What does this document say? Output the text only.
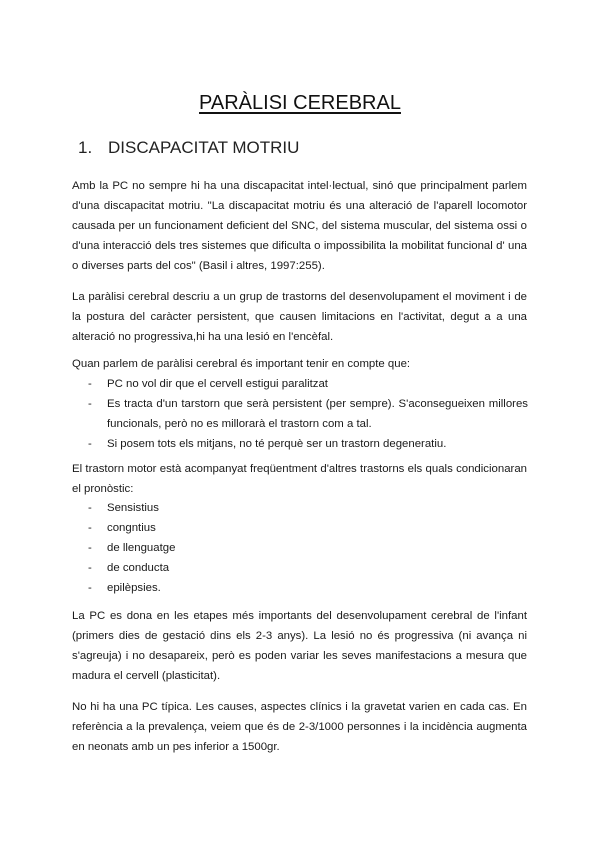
PARÀLISI CEREBRAL
1. DISCAPACITAT MOTRIU

Amb la PC no sempre hi ha una discapacitat intel·lectual, sinó que principalment parlem d'una discapacitat motriu. "La discapacitat motriu és una alteració de l'aparell locomotor causada per un funcionament deficient del SNC, del sistema muscular, del sistema ossi o d'una interacció dels tres sistemes que dificulta o impossibilita la mobilitat funcional d' una o diverses parts del cos" (Basil i altres, 1997:255).

La paràlisi cerebral descriu a un grup de trastorns del desenvolupament el moviment i de la postura del caràcter persistent, que causen limitacions en l'activitat, degut a a una alteració no progressiva,hi ha una lesió en l'encèfal.

Quan parlem de paràlisi cerebral és important tenir en compte que:

-	PC no vol dir que el cervell estigui paralitzat
-	Es tracta d'un tarstorn que serà persistent (per sempre). S'aconsegueixen millores funcionals, però no es millorarà el trastorn com a tal.
-	Si posem tots els mitjans, no té perquè ser un trastorn degeneratiu.

El trastorn motor està acompanyat freqüentment d'altres trastorns els quals condicionaran el pronòstic:

-	Sensistius
-	congntius
-	de llenguatge
-	de conducta
-	epilèpsies.

La PC es dona en les etapes més importants del desenvolupament cerebral de l'infant (primers dies de gestació dins els 2-3 anys). La lesió no és progressiva (ni avança ni s'agreuja) i no desapareix, però es poden variar les seves manifestacions a mesura que madura el cervell (plasticitat).

No hi ha una PC típica. Les causes, aspectes clínics i la gravetat varien en cada cas. En referència a la prevalença, veiem que és de 2-3/1000 personnes i la incidència augmenta en neonats amb un pes inferior a 1500gr.
